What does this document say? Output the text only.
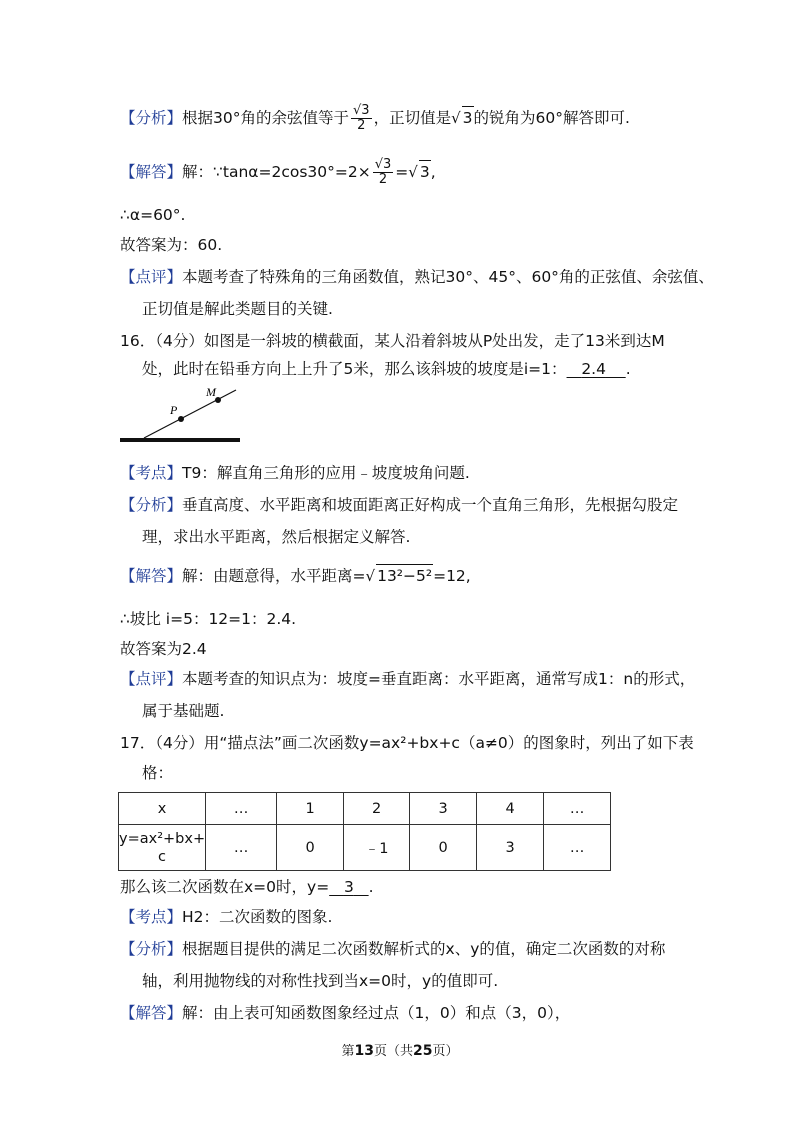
【分析】根据30°角的余弦值等于 $\frac{√3}{2}$ ，正切值是√ 3的锐角为60°解答即可.
【解答】解：∵tanα=2cos30°=2× $\frac{√3}{2}$ =√ 3,
∴α=60°.
故答案为：60.
【点评】本题考查了特殊角的三角函数值，熟记30°、45°、60°角的正弦值、余弦值、
正切值是解此类题目的关键.
16．（4分）如图是一斜坡的横截面，某人沿着斜坡从P处出发，走了13米到达M
处，此时在铅垂方向上上升了5米，那么该斜坡的坡度是i=1： 2.4 .
P
M
【考点】T9：解直角三角形的应用﹣坡度坡角问题.
【分析】垂直高度、水平距离和坡面距离正好构成一个直角三角形，先根据勾股定
理，求出水平距离，然后根据定义解答.
【解答】解：由题意得，水平距离=√ 13²−5²=12,
∴坡比 i=5：12=1：2.4.
故答案为2.4
【点评】本题考查的知识点为：坡度=垂直距离：水平距离，通常写成1：n的形式，
属于基础题.
17．（4分）用“描点法”画二次函数y=ax²+bx+c（a≠0）的图象时，列出了如下表
格：
x	…	1	2	3	4	…
y=ax²+bx+
c	…	0	﹣1	0	3	…
那么该二次函数在x=0时，y= 3 .
【考点】H2：二次函数的图象.
【分析】根据题目提供的满足二次函数解析式的x、y的值，确定二次函数的对称
轴，利用抛物线的对称性找到当x=0时，y的值即可.
【解答】解：由上表可知函数图象经过点（1，0）和点（3，0），
第13页（共25页）
